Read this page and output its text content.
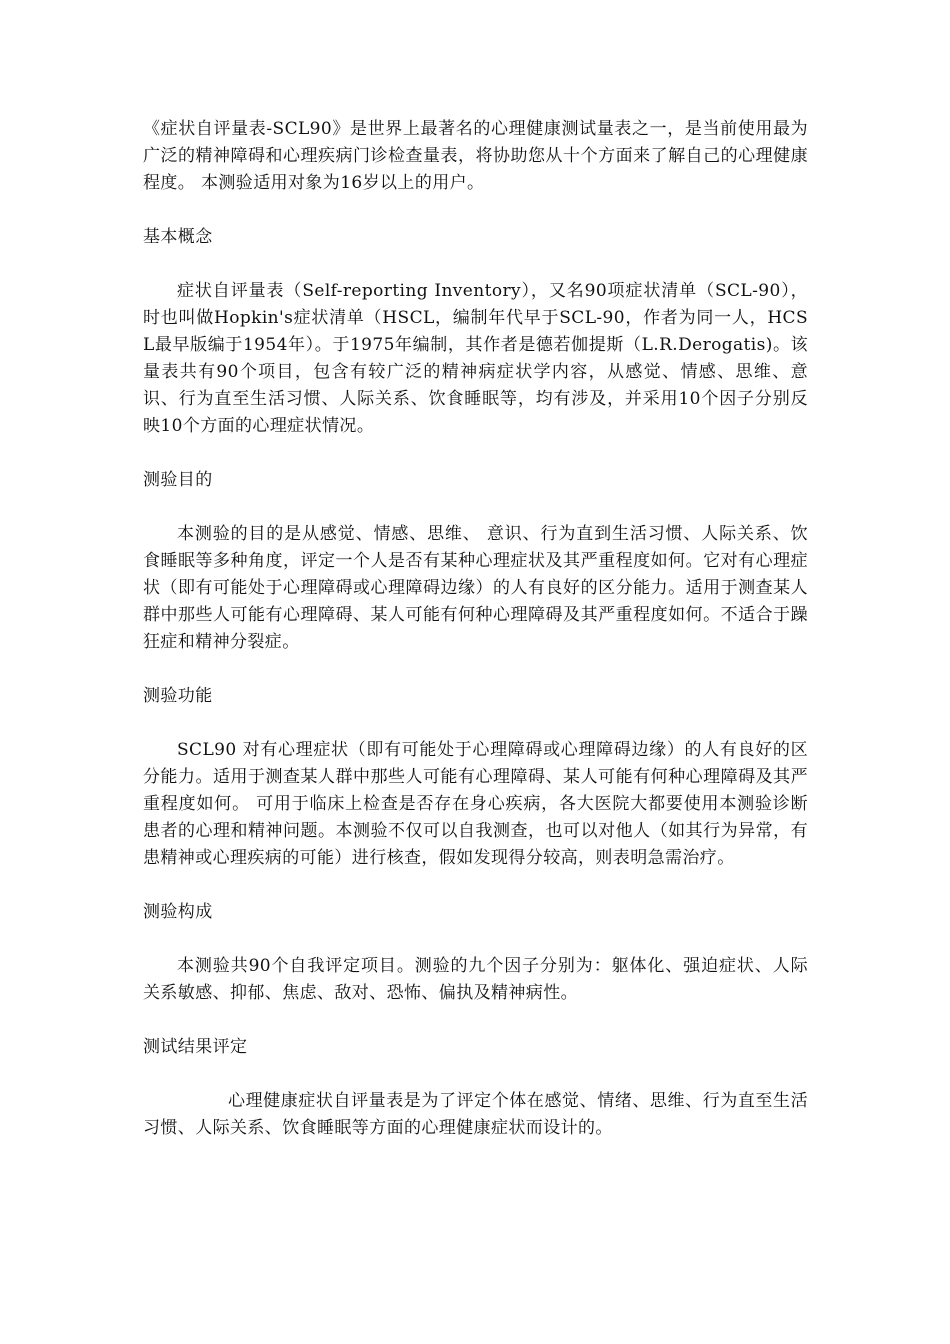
《症状自评量表-SCL90》是世界上最著名的心理健康测试量表之一，是当前使用最为广泛的精神障碍和心理疾病门诊检查量表，将协助您从十个方面来了解自己的心理健康程度。 本测验适用对象为16岁以上的用户。

基本概念

症状自评量表（Self-reporting Inventory），又名90项症状清单（SCL-90），时也叫做Hopkin's症状清单（HSCL，编制年代早于SCL-90，作者为同一人，HCSL最早版编于1954年）。于1975年编制，其作者是德若伽提斯（L.R.Derogatis)。该量表共有90个项目，包含有较广泛的精神病症状学内容，从感觉、情感、思维、意识、行为直至生活习惯、人际关系、饮食睡眠等，均有涉及，并采用10个因子分别反映10个方面的心理症状情况。

测验目的

本测验的目的是从感觉、情感、思维、 意识、行为直到生活习惯、人际关系、饮食睡眠等多种角度，评定一个人是否有某种心理症状及其严重程度如何。它对有心理症状（即有可能处于心理障碍或心理障碍边缘）的人有良好的区分能力。适用于测查某人群中那些人可能有心理障碍、某人可能有何种心理障碍及其严重程度如何。不适合于躁狂症和精神分裂症。

测验功能

SCL90 对有心理症状（即有可能处于心理障碍或心理障碍边缘）的人有良好的区分能力。适用于测查某人群中那些人可能有心理障碍、某人可能有何种心理障碍及其严重程度如何。 可用于临床上检查是否存在身心疾病，各大医院大都要使用本测验诊断患者的心理和精神问题。本测验不仅可以自我测查，也可以对他人（如其行为异常，有患精神或心理疾病的可能）进行核查，假如发现得分较高，则表明急需治疗。

测验构成

本测验共90个自我评定项目。测验的九个因子分别为：躯体化、强迫症状、人际关系敏感、抑郁、焦虑、敌对、恐怖、偏执及精神病性。

测试结果评定

心理健康症状自评量表是为了评定个体在感觉、情绪、思维、行为直至生活习惯、人际关系、饮食睡眠等方面的心理健康症状而设计的。
